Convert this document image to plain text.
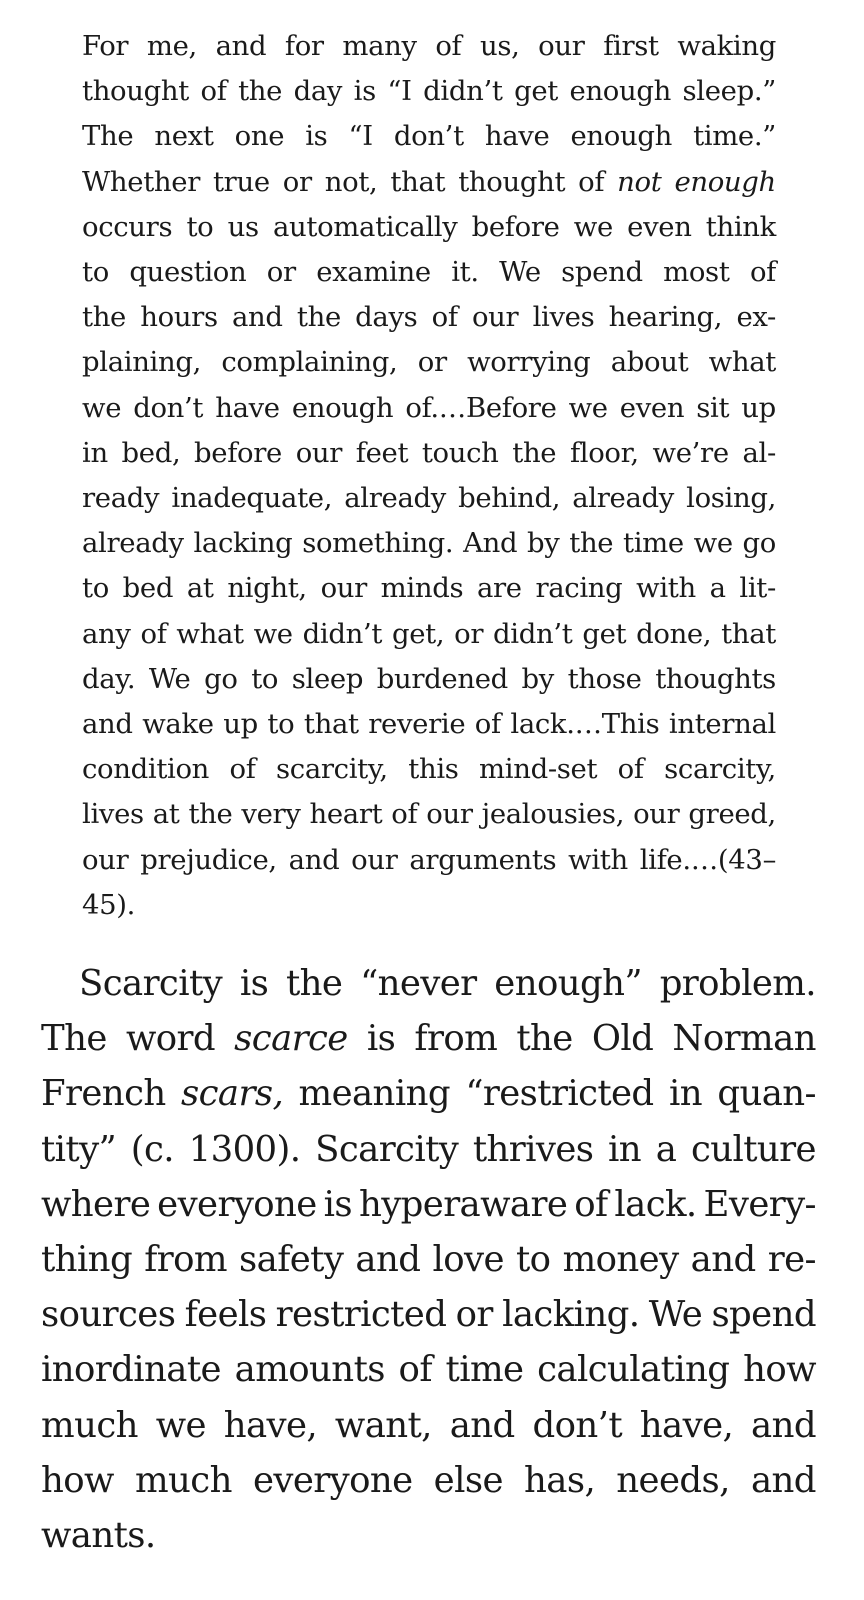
For me, and for many of us, our first waking
thought of the day is “I didn’t get enough sleep.”
The next one is “I don’t have enough time.”
Whether true or not, that thought of not enough
occurs to us automatically before we even think
to question or examine it. We spend most of
the hours and the days of our lives hearing, ex-
plaining, complaining, or worrying about what
we don’t have enough of.…Before we even sit up
in bed, before our feet touch the floor, we’re al-
ready inadequate, already behind, already losing,
already lacking something. And by the time we go
to bed at night, our minds are racing with a lit-
any of what we didn’t get, or didn’t get done, that
day. We go to sleep burdened by those thoughts
and wake up to that reverie of lack.…This internal
condition of scarcity, this mind-set of scarcity,
lives at the very heart of our jealousies, our greed,
our prejudice, and our arguments with life.…(43–
45).
Scarcity is the “never enough” problem.
The word scarce is from the Old Norman
French scars, meaning “restricted in quan-
tity” (c. 1300). Scarcity thrives in a culture
where everyone is hyperaware of lack. Every-
thing from safety and love to money and re-
sources feels restricted or lacking. We spend
inordinate amounts of time calculating how
much we have, want, and don’t have, and
how much everyone else has, needs, and
wants.
